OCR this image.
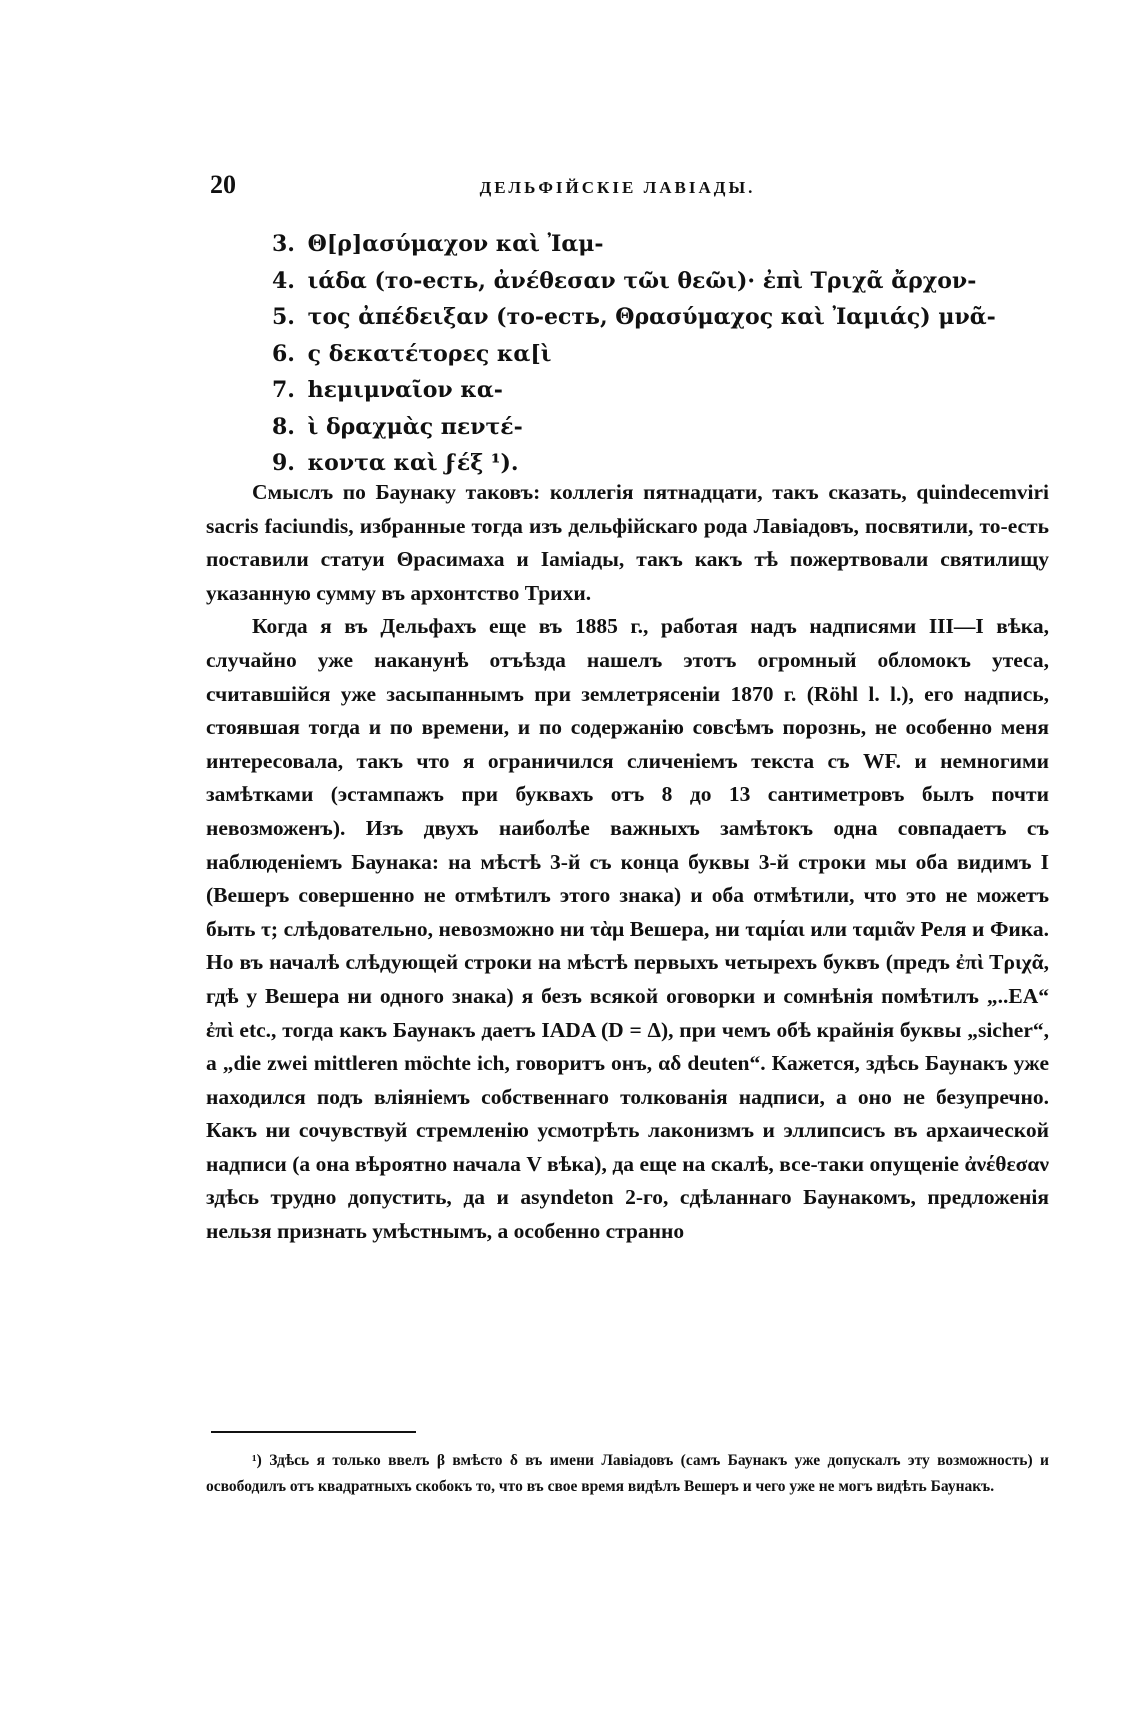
20	ДЕЛЬФІЙСКІЕ ЛАВІАДЫ.
3. Θ[ρ]ασύμαχον καὶ Ἰαμ-
4. ιάδα (то-есть, ἀνέθεσαν τῶι θεῶι)· ἐπὶ Τριχᾶ ἄρχον-
5. τος ἀπέδειξαν (то-есть, Θρασύμαχος καὶ Ἰαμιάς) μνᾶ-
6. ς δεκατέτορες κα[ὶ
7. hεμιμναῖον κα-
8. ὶ δραχμὰς πεντέ-
9. κοντα καὶ ϝέξ ¹).

Смыслъ по Баунаку таковъ: коллегія пятнадцати, такъ сказать, quindecemviri sacris faciundis, избранные тогда изъ дельфійскаго рода Лавіадовъ, посвятили, то-есть поставили статуи Θрасимаха и Іаміады, такъ какъ тѣ пожертвовали святилищу указанную сумму въ архонтство Трихи.

Когда я въ Дельфахъ еще въ 1885 г., работая надъ надписями III—I вѣка, случайно уже наканунѣ отъѣзда нашелъ этотъ огромный обломокъ утеса, считавшійся уже засыпаннымъ при землетрясеніи 1870 г. (Röhl l. l.), его надпись, стоявшая тогда и по времени, и по содержанію совсѣмъ порознь, не особенно меня интересовала, такъ что я ограничился сличеніемъ текста съ WF. и немногими замѣтками (эстампажъ при буквахъ отъ 8 до 13 сантиметровъ былъ почти невозможенъ). Изъ двухъ наиболѣе важныхъ замѣтокъ одна совпадаетъ съ наблюденіемъ Баунака: на мѣстѣ 3-й съ конца буквы 3-й строки мы оба видимъ I (Вешеръ совершенно не отмѣтилъ этого знака) и оба отмѣтили, что это не можетъ быть τ; слѣдовательно, невозможно ни τὰμ Вешера, ни ταμίαι или ταμιᾶν Реля и Фика. Но въ началѣ слѣдующей строки на мѣстѣ первыхъ четырехъ буквъ (предъ ἐπὶ Τριχᾶ, гдѣ у Вешера ни одного знака) я безъ всякой оговорки и сомнѣнія помѣтилъ „..ΕΑ“ ἐπὶ etc., тогда какъ Баунакъ даетъ IADA (D = Δ), при чемъ обѣ крайнія буквы „sicher“, а „die zwei mittleren möchte ich, говоритъ онъ, αδ deuten“. Кажется, здѣсь Баунакъ уже находился подъ вліяніемъ собственнаго толкованія надписи, а оно не безупречно. Какъ ни сочувствуй стремленію усмотрѣть лаконизмъ и эллипсисъ въ архаической надписи (а она вѣроятно начала V вѣка), да еще на скалѣ, все-таки опущеніе ἀνέθεσαν здѣсь трудно допустить, да и asyndeton 2-го, сдѣланнаго Баунакомъ, предложенія нельзя признать умѣстнымъ, а особенно странно

¹) Здѣсь я только ввелъ β вмѣсто δ въ имени Лавіадовъ (самъ Баунакъ уже допускалъ эту возможность) и освободилъ отъ квадратныхъ скобокъ то, что въ свое время видѣлъ Вешеръ и чего уже не могъ видѣть Баунакъ.
